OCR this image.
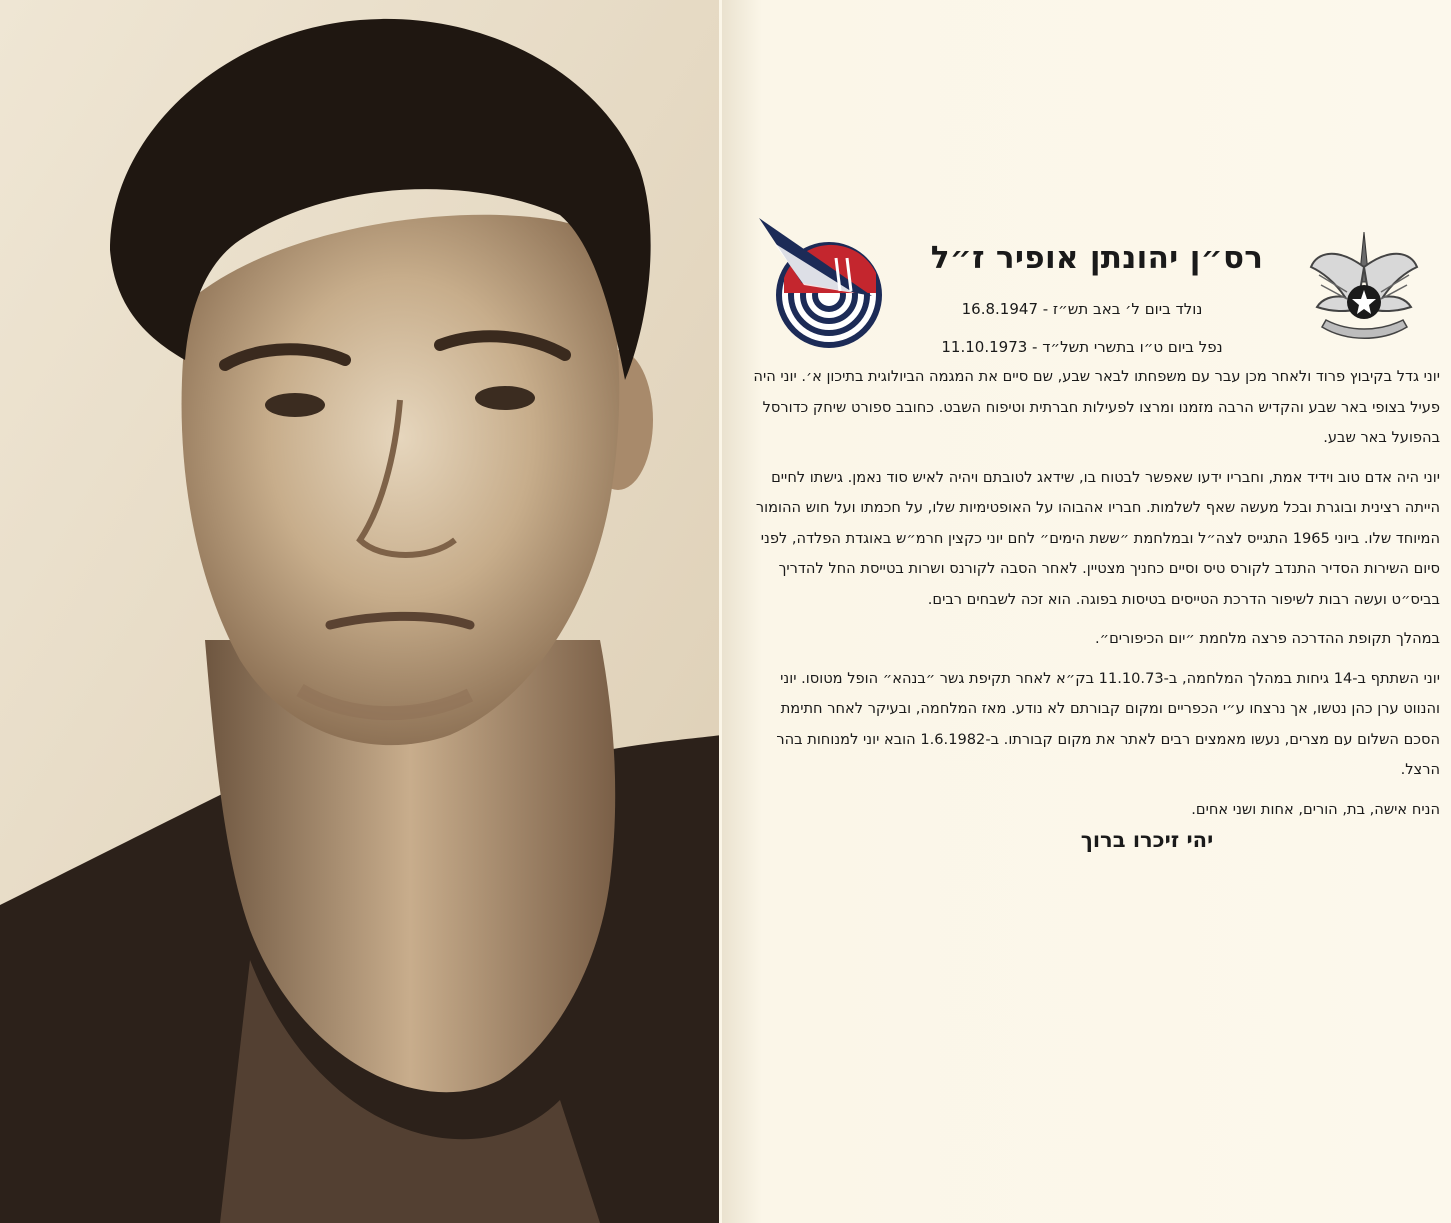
רס״ן יהונתן אופיר ז״ל
נולד ביום ל׳ באב תש״ז - 16.8.1947
נפל ביום ט״ו בתשרי תשל״ד - 11.10.1973

יוני גדל בקיבוץ פרוד ולאחר מכן עבר עם משפחתו לבאר שבע, שם סיים את המגמה הביולוגית בתיכון א׳. יוני היה פעיל בצופי באר שבע והקדיש הרבה מזמנו ומרצו לפעילות חברתית וטיפוח השבט. כחובב ספורט שיחק כדורסל בהפועל באר שבע.

יוני היה אדם טוב וידיד אמת, וחבריו ידעו שאפשר לבטוח בו, שידאג לטובתם ויהיה לאיש סוד נאמן. גישתו לחיים הייתה רצינית ובוגרת ובכל מעשה שאף לשלמות. חבריו אהבוהו על האופטימיות שלו, על חכמתו ועל חוש ההומור המיוחד שלו. ביוני 1965 התגייס לצה״ל ובמלחמת ״ששת הימים״ לחם יוני כקצין חרמ״ש באוגדת הפלדה, לפני סיום השירות הסדיר התנדב לקורס טיס וסיים כחניך מצטיין. לאחר הסבה לקורנס ושרות בטייסת החל להדריך בביס״ט ועשה רבות לשיפור הדרכת הטייסים בטיסות בפוגה. הוא זכה לשבחים רבים.

במהלך תקופת ההדרכה פרצה מלחמת ״יום הכיפורים״.

יוני השתתף ב-14 גיחות במהלך המלחמה, ב-11.10.73 בק״א לאחר תקיפת גשר ״בנהא״ הופל מטוסו. יוני והנווט ערן כהן נטשו, אך נרצחו ע״י הכפריים ומקום קבורתם לא נודע. מאז המלחמה, ובעיקר לאחר חתימת הסכם השלום עם מצרים, נעשו מאמצים רבים לאתר את מקום קבורתו. ב-1.6.1982 הובא יוני למנוחות בהר הרצל.

הניח אישה, בת, הורים, אחות ושני אחים.

יהי זיכרו ברוך
